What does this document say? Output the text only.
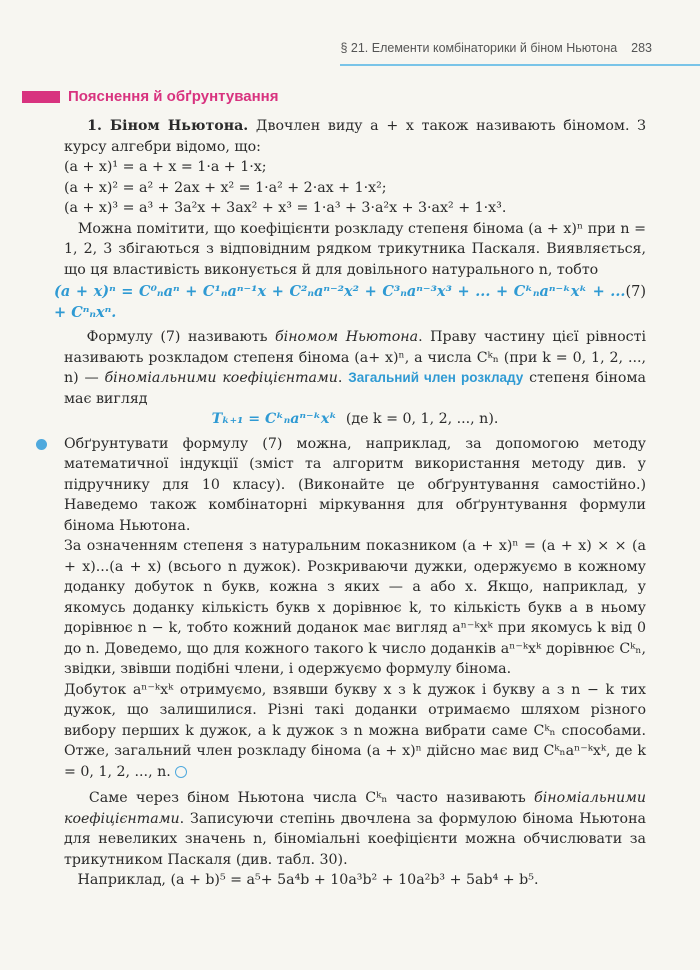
§ 21. Елементи комбінаторики й біном Ньютона 283
Пояснення й обґрунтування

1. Біном Ньютона. Двочлен виду a + x також називають біномом. З курсу алгебри відомо, що:

(a + x)¹ = a + x = 1·a + 1·x;

(a + x)² = a² + 2ax + x² = 1·a² + 2·ax + 1·x²;

(a + x)³ = a³ + 3a²x + 3ax² + x³ = 1·a³ + 3·a²x + 3·ax² + 1·x³.

Можна помітити, що коефіцієнти розкладу степеня бінома (a + x)ⁿ при n = 1, 2, 3 збігаються з відповідним рядком трикутника Паскаля. Виявляється, що ця властивість виконується й для довільного натурального n, тобто

(a + x)ⁿ = C⁰ₙaⁿ + C¹ₙaⁿ⁻¹x + C²ₙaⁿ⁻²x² + C³ₙaⁿ⁻³x³ + ... + Cᵏₙaⁿ⁻ᵏxᵏ + ... + Cⁿₙxⁿ.
(7)

Формулу (7) називають біномом Ньютона. Праву частину цієї рівності називають розкладом степеня бінома (a+ x)ⁿ, а числа Cᵏₙ (при k = 0, 1, 2, ..., n) — біноміальними коефіцієнтами. Загальний член розкладу степеня бінома має вигляд

Tₖ₊₁ = Cᵏₙaⁿ⁻ᵏxᵏ (де k = 0, 1, 2, ..., n).

Обґрунтувати формулу (7) можна, наприклад, за допомогою методу математичної індукції (зміст та алгоритм використання методу див. у підручнику для 10 класу). (Виконайте це обґрунтування самостійно.) Наведемо також комбінаторні міркування для обґрунтування формули бінома Ньютона.

За означенням степеня з натуральним показником (a + x)ⁿ = (a + x) × × (a + x)...(a + x) (всього n дужок). Розкриваючи дужки, одержуємо в кожному доданку добуток n букв, кожна з яких — a або x. Якщо, наприклад, у якомусь доданку кількість букв x дорівнює k, то кількість букв a в ньому дорівнює n − k, тобто кожний доданок має вигляд aⁿ⁻ᵏxᵏ при якомусь k від 0 до n. Доведемо, що для кожного такого k число доданків aⁿ⁻ᵏxᵏ дорівнює Cᵏₙ, звідки, звівши подібні члени, і одержуємо формулу бінома.

Добуток aⁿ⁻ᵏxᵏ отримуємо, взявши букву x з k дужок і букву a з n − k тих дужок, що залишилися. Різні такі доданки отримаємо шляхом різного вибору перших k дужок, а k дужок з n можна вибрати саме Cᵏₙ способами. Отже, загальний член розкладу бінома (a + x)ⁿ дійсно має вид Cᵏₙaⁿ⁻ᵏxᵏ, де k = 0, 1, 2, ..., n.

Саме через біном Ньютона числа Cᵏₙ часто називають біноміальними коефіцієнтами. Записуючи степінь двочлена за формулою бінома Ньютона для невеликих значень n, біноміальні коефіцієнти можна обчислювати за трикутником Паскаля (див. табл. 30).

Наприклад, (a + b)⁵ = a⁵+ 5a⁴b + 10a³b² + 10a²b³ + 5ab⁴ + b⁵.
